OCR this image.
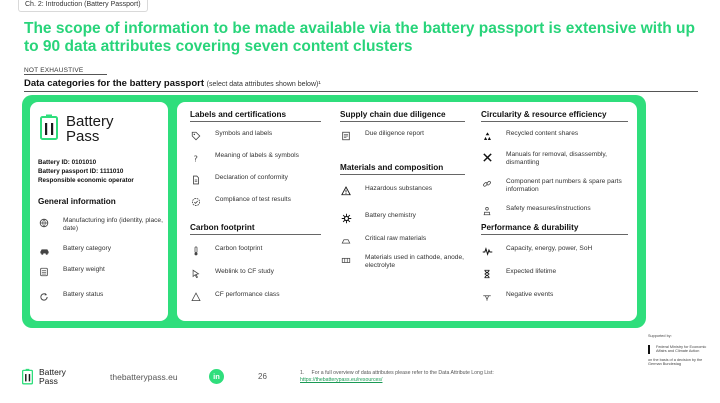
Ch. 2: Introduction (Battery Passport)
The scope of information to be made available via the battery passport is extensive with up to 90 data attributes covering seven content clusters
NOT EXHAUSTIVE
Data categories for the battery passport (select data attributes shown below)¹
Battery
Pass
Battery ID: 0101010
Battery passport ID: 1111010
Responsible economic operator
General information
Manufacturing info (identity, place, date)
Battery category
Battery weight
Battery status
Labels and certifications
Symbols and labels
?	Meaning of labels & symbols
Declaration of conformity
Compliance of test results
Carbon footprint
Carbon footprint
Weblink to CF study
CF performance class
Supply chain due diligence
Due diligence report
Materials and composition
Hazardous substances
Battery chemistry
Critical raw materials
Materials used in cathode, anode, electrolyte
Circularity & resource efficiency
Recycled content shares
Manuals for removal, disassembly, dismantling
Component part numbers & spare parts information
Safety measures/instructions
Performance & durability
Capacity, energy, power, SoH
Expected lifetime
Negative events
Battery
Pass	thebatterypass.eu	in	26	1. For a full overview of data attributes please refer to the Data Attribute Long List:
https://thebatterypass.eu/resources/
Supported by:
Federal Ministry for Economic Affairs and Climate Action
on the basis of a decision by the German Bundestag
